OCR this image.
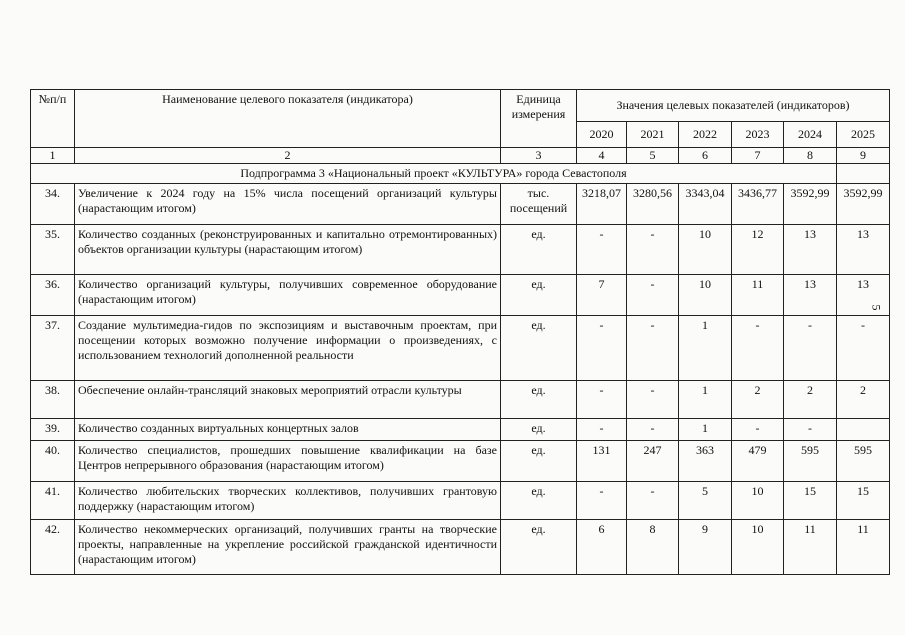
№п/п	Наименование целевого показателя (индикатора)	Единица измерения	Значения целевых показателей (индикаторов)					
			2020	2021	2022	2023	2024	2025
1	2	3	4	5	6	7	8	9
Подпрограмма 3 «Национальный проект «КУЛЬТУРА» города Севастополя								
34.	Увеличение к 2024 году на 15% числа посещений организаций культуры (нарастающим итогом)	тыс. посещений	3218,07	3280,56	3343,04	3436,77	3592,99	3592,99
35.	Количество созданных (реконструированных и капитально отремонтированных) объектов организации культуры (нарастающим итогом)	ед.	-	-	10	12	13	13
36.	Количество организаций культуры, получивших современное оборудование (нарастающим итогом)	ед.	7	-	10	11	13	13
37.	Создание мультимедиа-гидов по экспозициям и выставочным проектам, при посещении которых возможно получение информации о произведениях, с использованием технологий дополненной реальности	ед.	-	-	1	-	-	-
38.	Обеспечение онлайн-трансляций знаковых мероприятий отрасли культуры	ед.	-	-	1	2	2	2
39.	Количество созданных виртуальных концертных залов	ед.	-	-	1	-	-	
40.	Количество специалистов, прошедших повышение квалификации на базе Центров непрерывного образования (нарастающим итогом)	ед.	131	247	363	479	595	595
41.	Количество любительских творческих коллективов, получивших грантовую поддержку (нарастающим итогом)	ед.	-	-	5	10	15	15
42.	Количество некоммерческих организаций, получивших гранты на творческие проекты, направленные на укрепление российской гражданской идентичности (нарастающим итогом)	ед.	6	8	9	10	11	11
5
